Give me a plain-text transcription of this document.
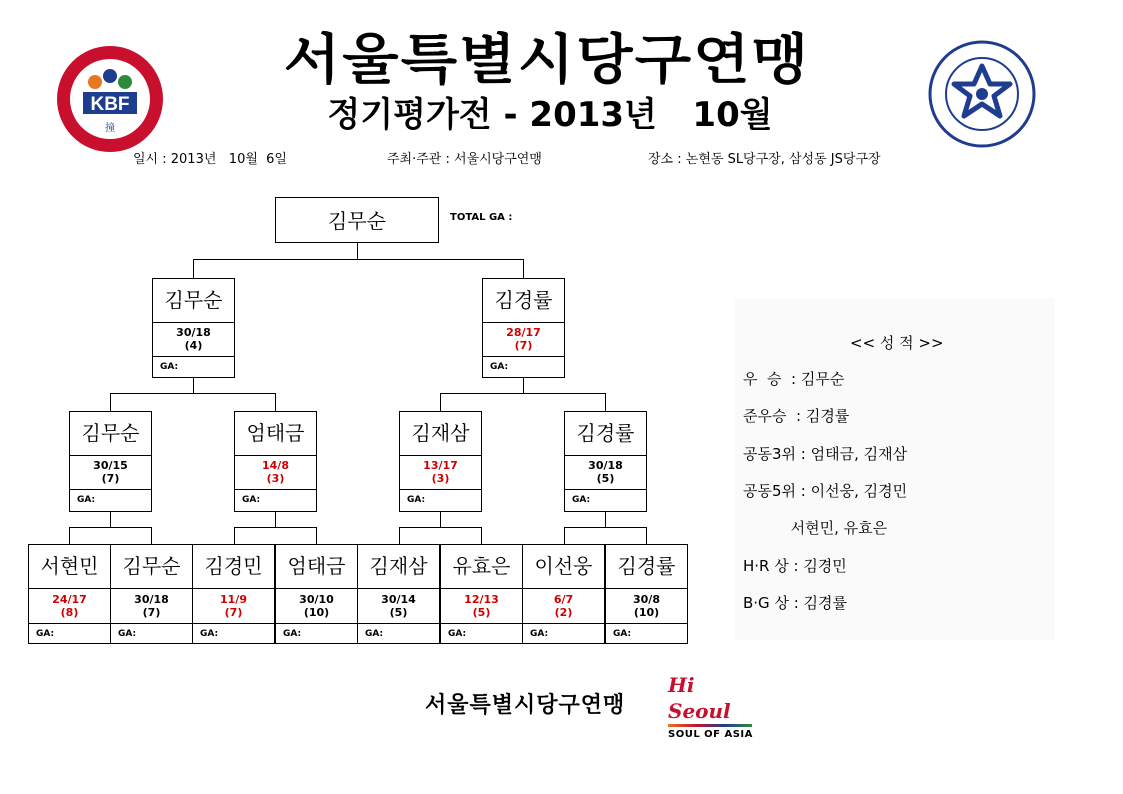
KBF
撞
서울특별시당구연맹
정기평가전 - 2013년   10월
일시 : 2013년   10월  6일	주최·주관 : 서울시당구연맹	장소 : 논현동 SL당구장, 삼성동 JS당구장
김무순	TOTAL GA :
김무순
30/18
(4)
GA:
김경률
28/17
(7)
GA:
김무순
30/15
(7)
GA:
엄태금
14/8
(3)
GA:
김재삼
13/17
(3)
GA:
김경률
30/18
(5)
GA:
서현민
24/17
(8)
GA:
김무순
30/18
(7)
GA:
김경민
11/9
(7)
GA:
엄태금
30/10
(10)
GA:
김재삼
30/14
(5)
GA:
유효은
12/13
(5)
GA:
이선웅
6/7
(2)
GA:
김경률
30/8
(10)
GA:
<< 성 적 >>
우  승  : 김무순
준우승  : 김경률
공동3위 : 엄태금, 김재삼
공동5위 : 이선웅, 김경민
서현민, 유효은
H·R 상 : 김경민
B·G 상 : 김경률
서울특별시당구연맹
Hi Seoul
SOUL OF ASIA
